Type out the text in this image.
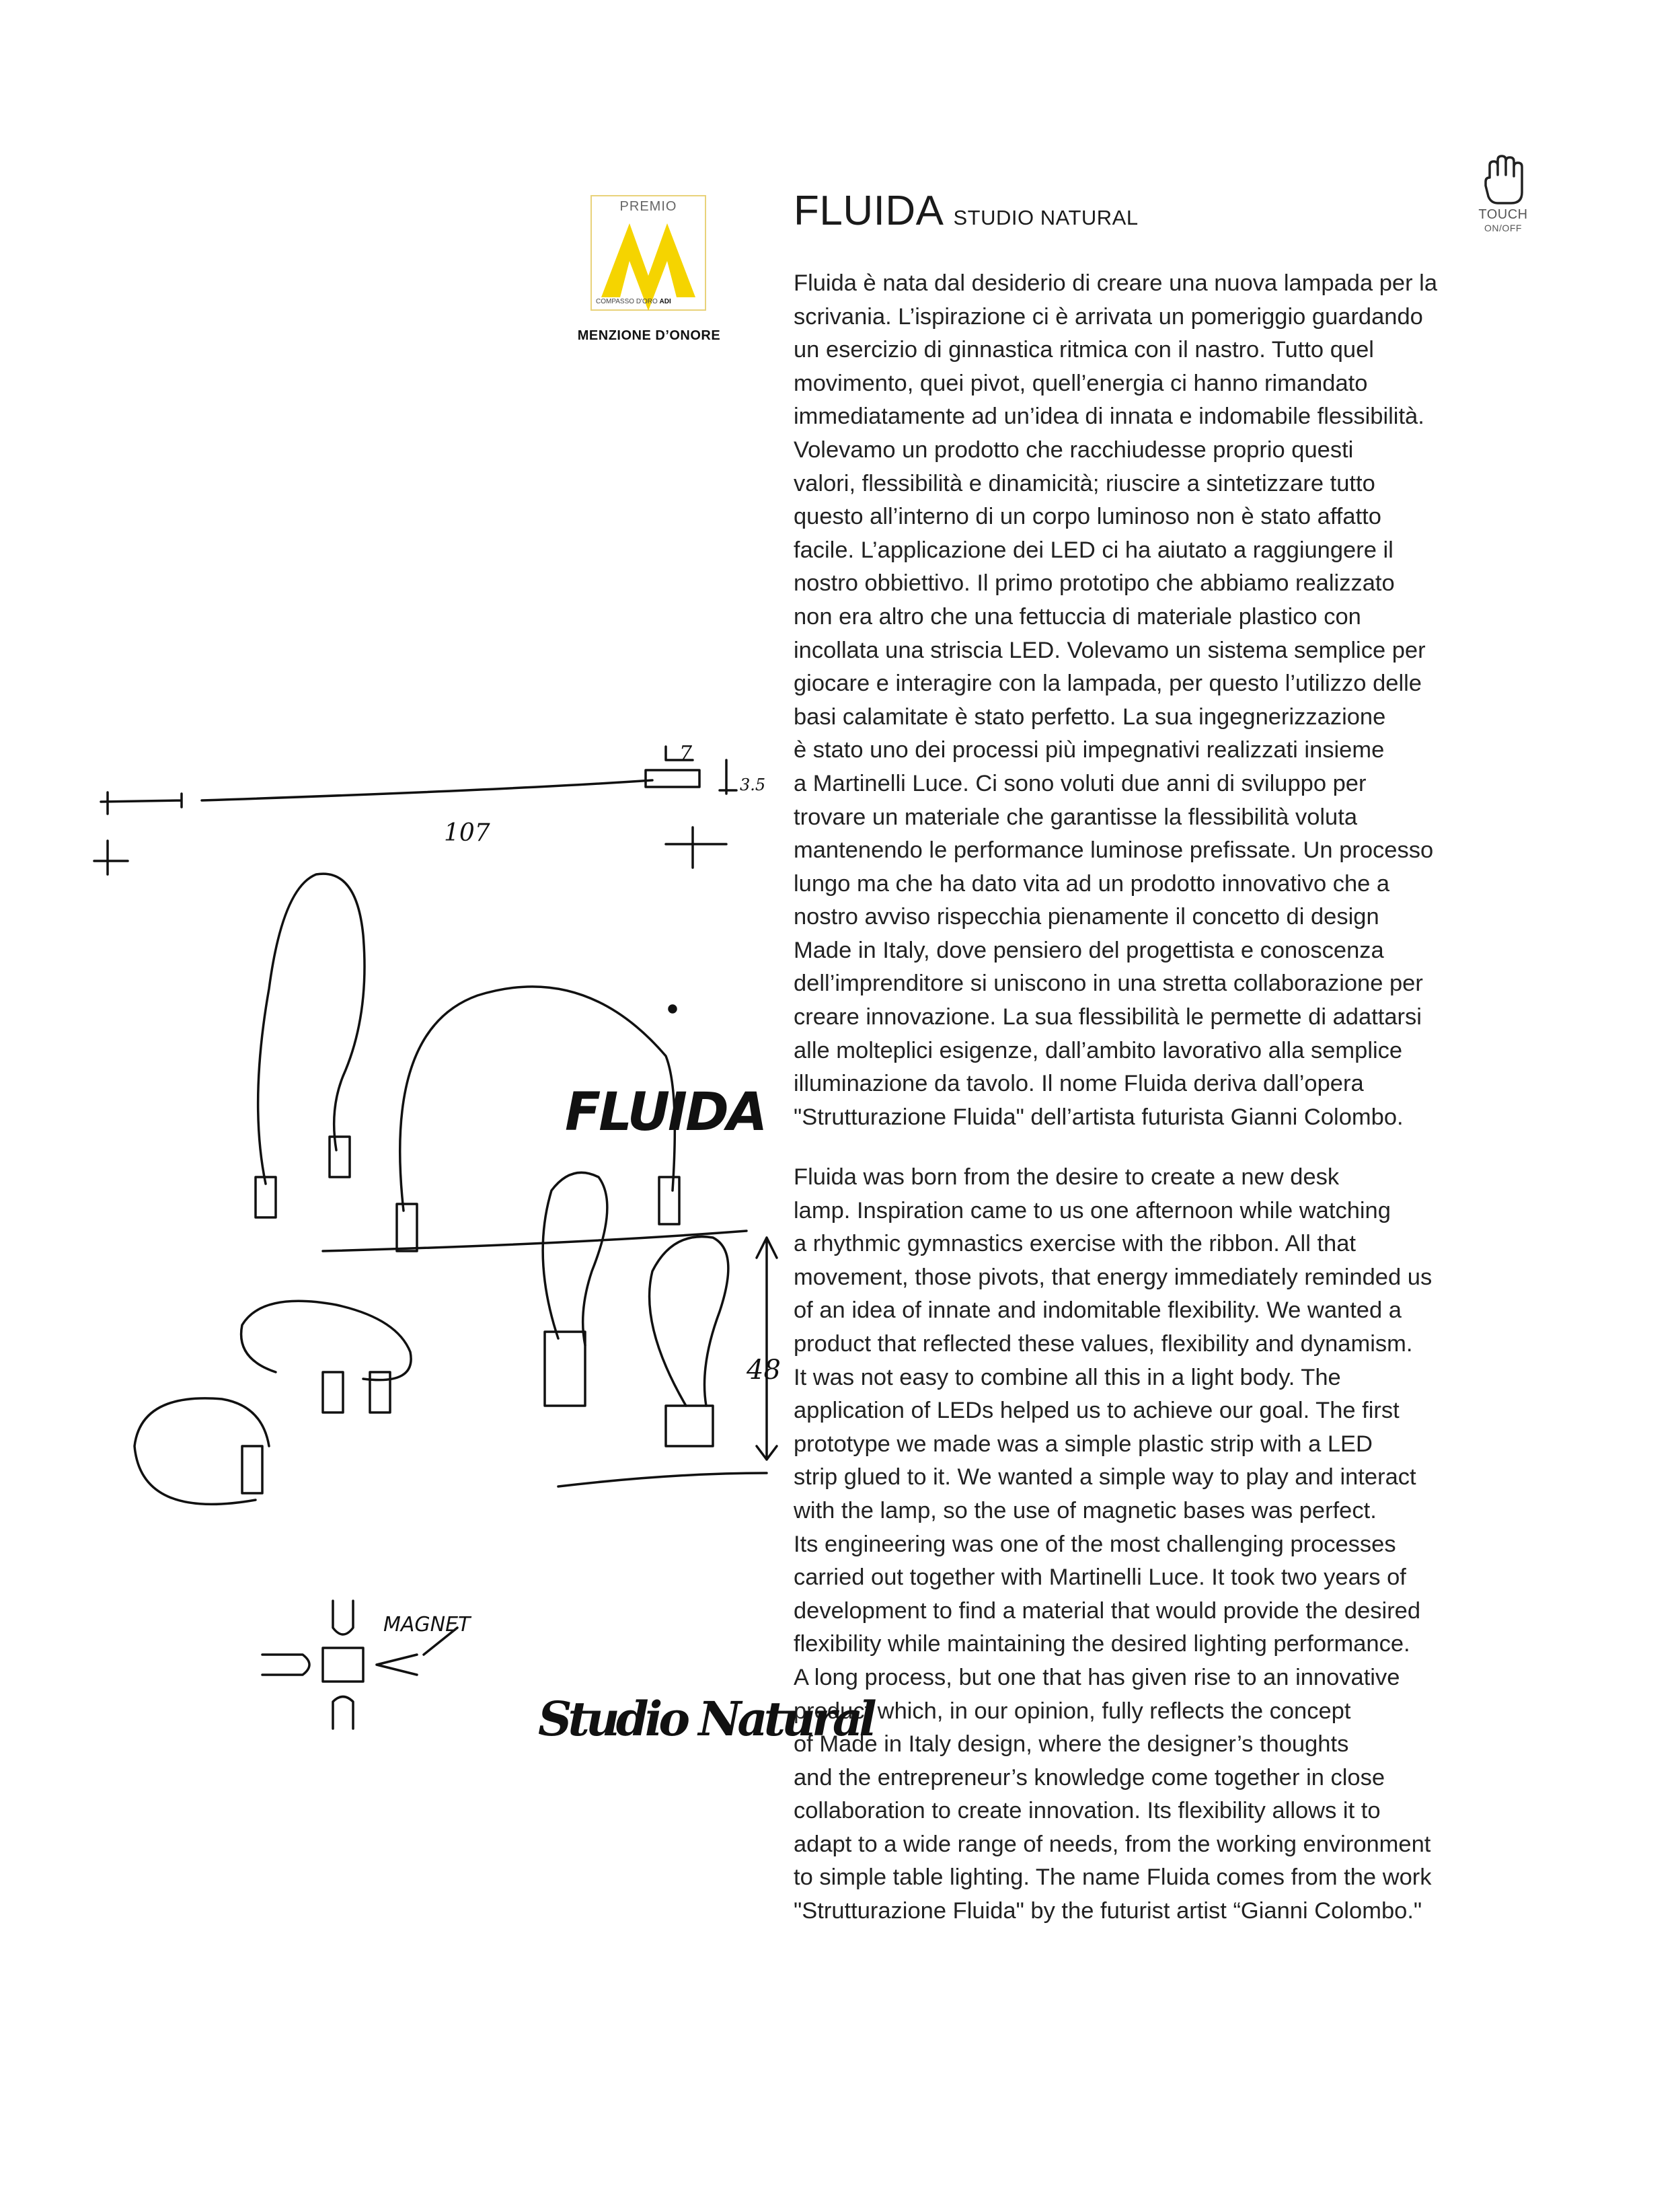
PREMIO
COMPASSO D'ORO ADI
MENZIONE D’ONORE
FLUIDA STUDIO NATURAL	TOUCH
ON/OFF

Fluida è nata dal desiderio di creare una nuova lampada per la
scrivania. L’ispirazione ci è arrivata un pomeriggio guardando
un esercizio di ginnastica ritmica con il nastro. Tutto quel
movimento, quei pivot, quell’energia ci hanno rimandato
immediatamente ad un’idea di innata e indomabile flessibilità.
Volevamo un prodotto che racchiudesse proprio questi
valori, flessibilità e dinamicità; riuscire a sintetizzare tutto
questo all’interno di un corpo luminoso non è stato affatto
facile. L’applicazione dei LED ci ha aiutato a raggiungere il
nostro obbiettivo. Il primo prototipo che abbiamo realizzato
non era altro che una fettuccia di materiale plastico con
incollata una striscia LED. Volevamo un sistema semplice per
giocare e interagire con la lampada, per questo l’utilizzo delle
basi calamitate è stato perfetto. La sua ingegnerizzazione
è stato uno dei processi più impegnativi realizzati insieme
a Martinelli Luce. Ci sono voluti due anni di sviluppo per
trovare un materiale che garantisse la flessibilità voluta
mantenendo le performance luminose prefissate. Un processo
lungo ma che ha dato vita ad un prodotto innovativo che a
nostro avviso rispecchia pienamente il concetto di design
Made in Italy, dove pensiero del progettista e conoscenza
dell’imprenditore si uniscono in una stretta collaborazione per
creare innovazione. La sua flessibilità le permette di adattarsi
alle molteplici esigenze, dall’ambito lavorativo alla semplice
illuminazione da tavolo. Il nome Fluida deriva dall’opera
"Strutturazione Fluida" dell’artista futurista Gianni Colombo.

Fluida was born from the desire to create a new desk
lamp. Inspiration came to us one afternoon while watching
a rhythmic gymnastics exercise with the ribbon. All that
movement, those pivots, that energy immediately reminded us
of an idea of innate and indomitable flexibility. We wanted a
product that reflected these values, flexibility and dynamism.
It was not easy to combine all this in a light body. The
application of LEDs helped us to achieve our goal. The first
prototype we made was a simple plastic strip with a LED
strip glued to it. We wanted a simple way to play and interact
with the lamp, so the use of magnetic bases was perfect.
Its engineering was one of the most challenging processes
carried out together with Martinelli Luce. It took two years of
development to find a material that would provide the desired
flexibility while maintaining the desired lighting performance.
A long process, but one that has given rise to an innovative
product which, in our opinion, fully reflects the concept
of Made in Italy design, where the designer’s thoughts
and the entrepreneur’s knowledge come together in close
collaboration to create innovation. Its flexibility allows it to
adapt to a wide range of needs, from the working environment
to simple table lighting. The name Fluida comes from the work
"Strutturazione Fluida" by the futurist artist “Gianni Colombo."

107
7
3.5
FLUIDA
48
MAGNET
Studio Natural
